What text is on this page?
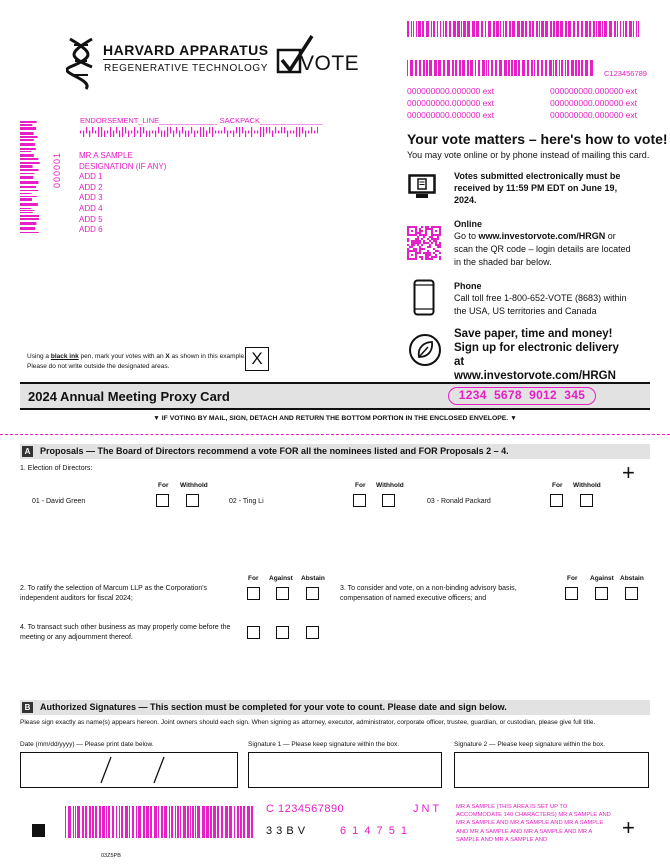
C123456789
000000000.000000 ext	000000000.000000 ext
000000000.000000 ext	000000000.000000 ext
000000000.000000 ext	000000000.000000 ext
HARVARD APPARATUS
REGENERATIVE TECHNOLOGY VOTE
ENDORSEMENT_LINE______________ SACKPACK_______________
000001 MR A SAMPLE
DESIGNATION (IF ANY)
ADD 1
ADD 2
ADD 3
ADD 4
ADD 5
ADD 6
Your vote matters – here's how to vote!
You may vote online or by phone instead of mailing this card.
Votes submitted electronically must be received by 11:59 PM EDT on June 19, 2024.
Online
Go to www.investorvote.com/HRGN or scan the QR code – login details are located in the shaded bar below.
Phone
Call toll free 1-800-652-VOTE (8683) within the USA, US territories and Canada
Save paper, time and money! Sign up for electronic delivery at www.investorvote.com/HRGN
Using a black ink pen, mark your votes with an X as shown in this example.
Please do not write outside the designated areas.	X
2024 Annual Meeting Proxy Card	1234  5678  9012  345
▼ IF VOTING BY MAIL, SIGN, DETACH AND RETURN THE BOTTOM PORTION IN THE ENCLOSED ENVELOPE. ▼
A Proposals — The Board of Directors recommend a vote FOR all the nominees listed and FOR Proposals 2 – 4.
+
1. Election of Directors:
For Withhold	For Withhold	For Withhold
01 - David Green	02 - Ting Li	03 - Ronald Packard
For Against Abstain	For Against Abstain
2. To ratify the selection of Marcum LLP as the Corporation's independent auditors for fiscal 2024;
3. To consider and vote, on a non-binding advisory basis, compensation of named executive officers; and
4. To transact such other business as may properly come before the meeting or any adjournment thereof.
B Authorized Signatures — This section must be completed for your vote to count. Please date and sign below.
Please sign exactly as name(s) appears hereon. Joint owners should each sign. When signing as attorney, executor, administrator, corporate officer, trustee, guardian, or custodian, please give full title.
Date (mm/dd/yyyy) — Please print date below.	Signature 1 — Please keep signature within the box.	Signature 2 — Please keep signature within the box.
C 1234567890	J N T
3 3 B V	6 1 4 7 5 1
MR A SAMPLE (THIS AREA IS SET UP TO ACCOMMODATE 140 CHARACTERS) MR A SAMPLE AND MR A SAMPLE AND MR A SAMPLE AND MR A SAMPLE AND MR A SAMPLE AND MR A SAMPLE AND MR A SAMPLE AND MR A SAMPLE AND	+
03Z5PB
